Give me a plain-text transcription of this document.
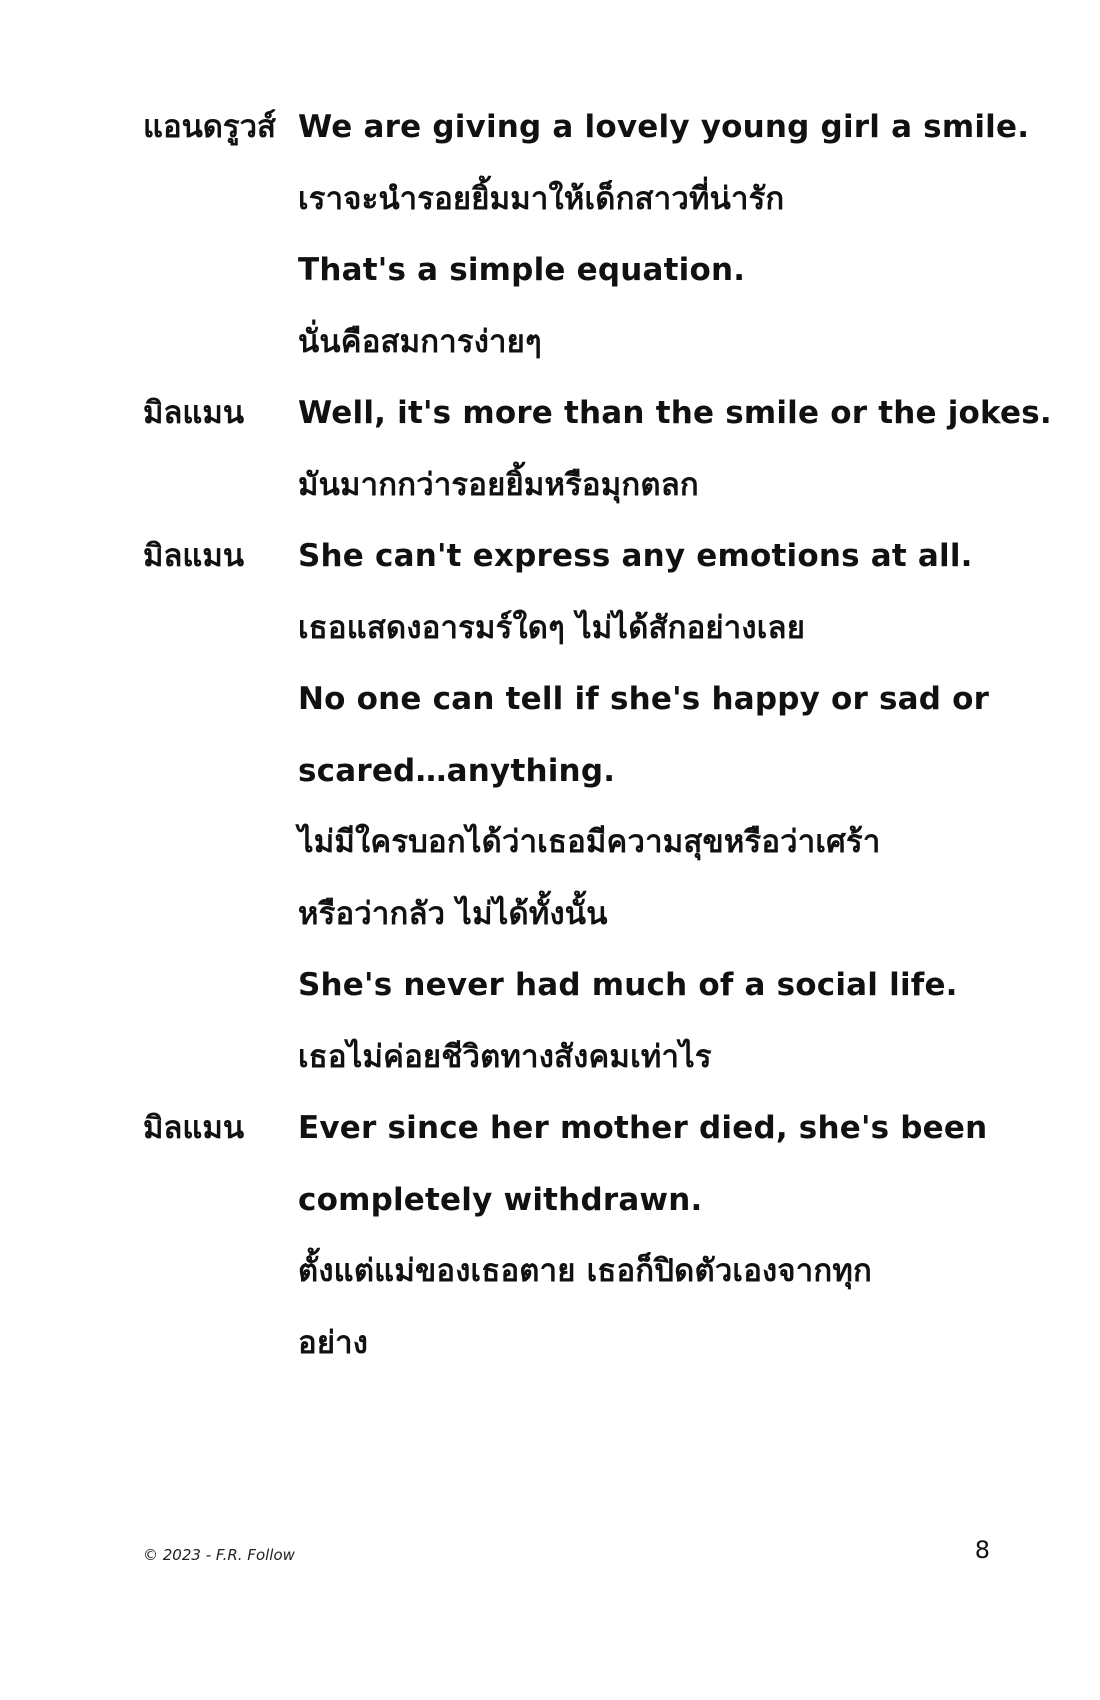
แอนดรูวส์ We are giving a lovely young girl a smile.
เราจะนำรอยยิ้มมาให้เด็กสาวที่น่ารัก
That's a simple equation.
นั่นคือสมการง่ายๆ
มิลแมน	Well, it's more than the smile or the jokes.
มันมากกว่ารอยยิ้มหรือมุกตลก
มิลแมน	She can't express any emotions at all.
เธอแสดงอารมร์ใดๆ ไม่ได้สักอย่างเลย
No one can tell if she's happy or sad or
scared…anything.
ไม่มีใครบอกได้ว่าเธอมีความสุขหรือว่าเศร้า
หรือว่ากลัว ไม่ได้ทั้งนั้น
She's never had much of a social life.
เธอไม่ค่อยชีวิตทางสังคมเท่าไร
มิลแมน	Ever since her mother died, she's been
completely withdrawn.
ตั้งแต่แม่ของเธอตาย เธอก็ปิดตัวเองจากทุก
อย่าง
© 2023 - F.R. Follow	8
